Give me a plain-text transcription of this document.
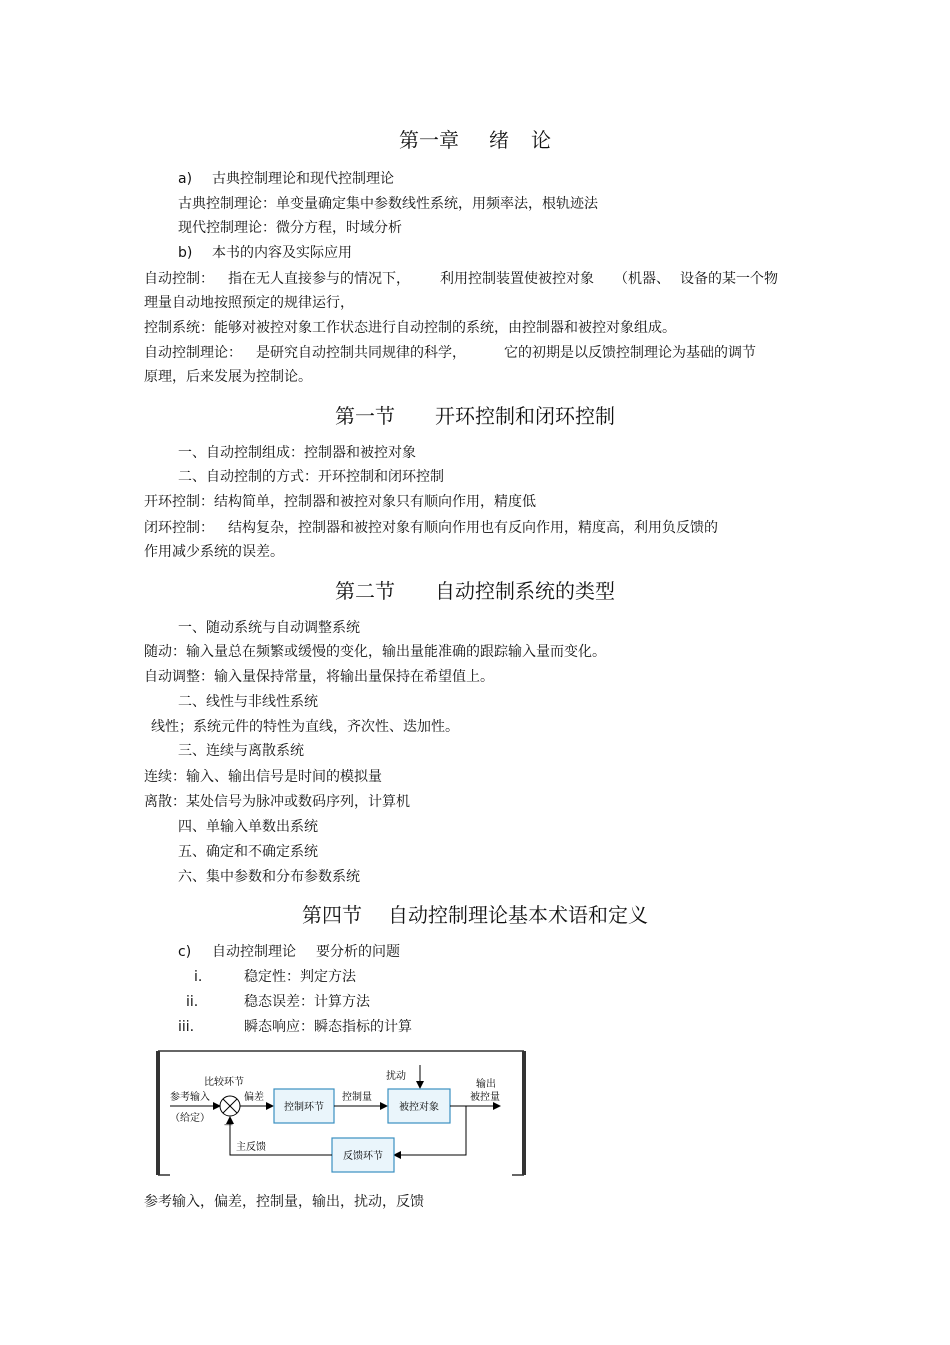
第一章 绪 论
a) 古典控制理论和现代控制理论
古典控制理论：单变量确定集中参数线性系统，用频率法，根轨迹法
现代控制理论：微分方程，时域分析
b) 本书的内容及实际应用
自动控制： 指在无人直接参与的情况下， 利用控制装置使被控对象 （机器、 设备的某一个物
理量自动地按照预定的规律运行，
控制系统：能够对被控对象工作状态进行自动控制的系统，由控制器和被控对象组成。
自动控制理论： 是研究自动控制共同规律的科学，	它的初期是以反馈控制理论为基础的调节
原理，后来发展为控制论。
第一节 开环控制和闭环控制
一、自动控制组成：控制器和被控对象
二、自动控制的方式：开环控制和闭环控制
开环控制：结构简单，控制器和被控对象只有顺向作用，精度低
闭环控制： 结构复杂，控制器和被控对象有顺向作用也有反向作用，精度高，利用负反馈的
作用减少系统的误差。
第二节 自动控制系统的类型
一、随动系统与自动调整系统
随动：输入量总在频繁或缓慢的变化，输出量能准确的跟踪输入量而变化。
自动调整：输入量保持常量，将输出量保持在希望值上。
二、线性与非线性系统
线性；系统元件的特性为直线，齐次性、迭加性。
三、连续与离散系统
连续：输入、输出信号是时间的模拟量
离散：某处信号为脉冲或数码序列，计算机
四、单输入单数出系统
五、确定和不确定系统
六、集中参数和分布参数系统
第四节 自动控制理论基本术语和定义
c) 自动控制理论 要分析的问题
i.	稳定性：判定方法
ii.	稳态误差：计算方法
iii.	瞬态响应：瞬态指标的计算
比较环节
参考输入
（给定）
偏差	控制量
扰动
输出
被控量
主反馈
—
控制环节	被控对象
反馈环节
参考输入，偏差，控制量，输出，扰动，反馈
